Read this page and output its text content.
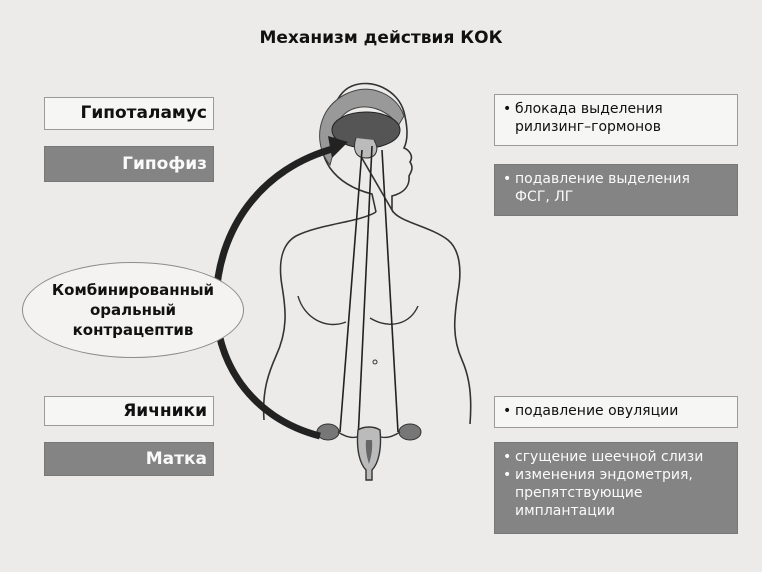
Механизм действия КОК
Гипоталамус
Гипофиз
Яичники
Матка
Комбинированный
оральный
контрацептив
• блокада выделения рилизинг–гормонов
• подавление выделения ФСГ, ЛГ
• подавление овуляции
• сгущение шеечной слизи
• изменения эндометрия, препятствующие имплантации
